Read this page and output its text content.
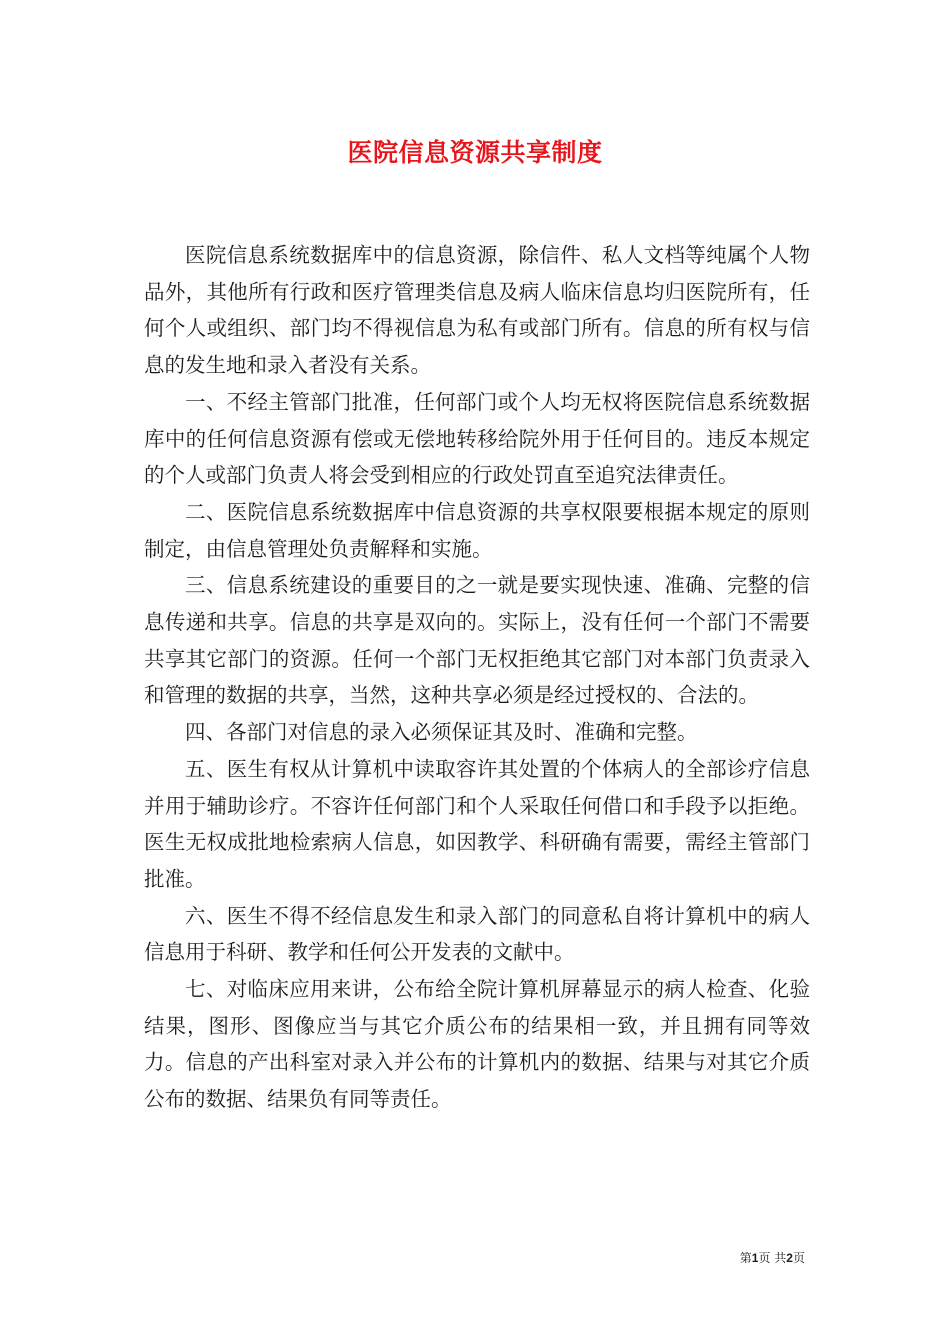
医院信息资源共享制度

医院信息系统数据库中的信息资源，除信件、私人文档等纯属个人物品外，其他所有行政和医疗管理类信息及病人临床信息均归医院所有，任何个人或组织、部门均不得视信息为私有或部门所有。信息的所有权与信息的发生地和录入者没有关系。

一、不经主管部门批准，任何部门或个人均无权将医院信息系统数据库中的任何信息资源有偿或无偿地转移给院外用于任何目的。违反本规定的个人或部门负责人将会受到相应的行政处罚直至追究法律责任。

二、医院信息系统数据库中信息资源的共享权限要根据本规定的原则制定，由信息管理处负责解释和实施。

三、信息系统建设的重要目的之一就是要实现快速、准确、完整的信息传递和共享。信息的共享是双向的。实际上，没有任何一个部门不需要共享其它部门的资源。任何一个部门无权拒绝其它部门对本部门负责录入和管理的数据的共享，当然，这种共享必须是经过授权的、合法的。

四、各部门对信息的录入必须保证其及时、准确和完整。

五、医生有权从计算机中读取容许其处置的个体病人的全部诊疗信息并用于辅助诊疗。不容许任何部门和个人采取任何借口和手段予以拒绝。医生无权成批地检索病人信息，如因教学、科研确有需要，需经主管部门批准。

六、医生不得不经信息发生和录入部门的同意私自将计算机中的病人信息用于科研、教学和任何公开发表的文献中。

七、对临床应用来讲，公布给全院计算机屏幕显示的病人检查、化验结果，图形、图像应当与其它介质公布的结果相一致，并且拥有同等效力。信息的产出科室对录入并公布的计算机内的数据、结果与对其它介质公布的数据、结果负有同等责任。

第1页 共2页
